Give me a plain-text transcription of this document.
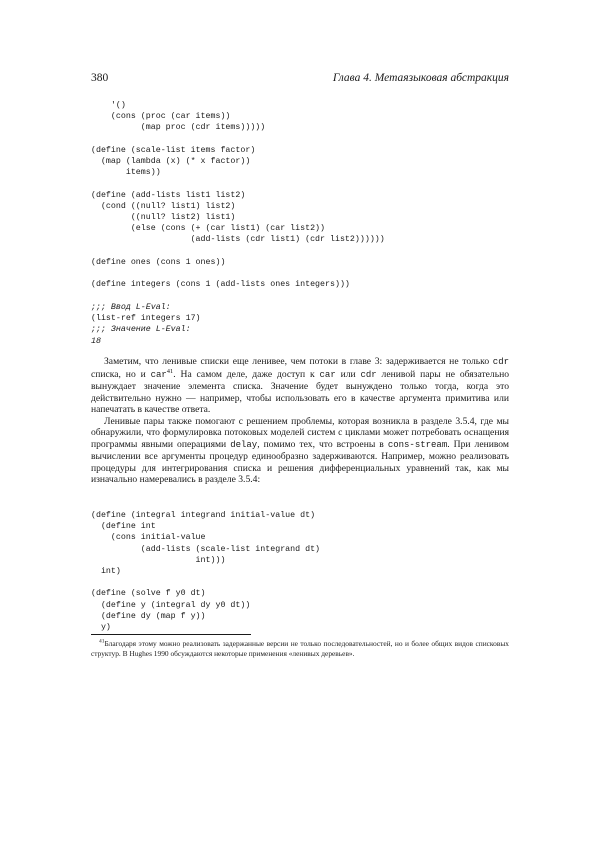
380	Глава 4. Метаязыковая абстракция
'()
(cons (proc (car items))
(map proc (cdr items)))))

(define (scale-list items factor)
(map (lambda (x) (* x factor))
items))

(define (add-lists list1 list2)
(cond ((null? list1) list2)
((null? list2) list1)
(else (cons (+ (car list1) (car list2))
(add-lists (cdr list1) (cdr list2))))))

(define ones (cons 1 ones))

(define integers (cons 1 (add-lists ones integers)))
;;; Ввод L-Eval:
(list-ref integers 17)
;;; Значение L-Eval:
18

Заметим, что ленивые списки еще ленивее, чем потоки в главе 3: задерживается не только cdr списка, но и car$^{41}$. На самом деле, даже доступ к car или cdr ленивой пары не обязательно вынуждает значение элемента списка. Значение будет вынуждено только тогда, когда это действительно нужно — например, чтобы использовать его в качестве аргумента примитива или напечатать в качестве ответа.

Ленивые пары также помогают с решением проблемы, которая возникла в разделе 3.5.4, где мы обнаружили, что формулировка потоковых моделей систем с циклами может потребовать оснащения программы явными операциями delay, помимо тех, что встроены в cons-stream. При ленивом вычислении все аргументы процедур единообразно задерживаются. Например, можно реализовать процедуры для интегрирования списка и решения дифференциальных уравнений так, как мы изначально намеревались в разделе 3.5.4:

(define (integral integrand initial-value dt)
(define int
(cons initial-value
(add-lists (scale-list integrand dt)
int)))
int)

(define (solve f y0 dt)
(define y (integral dy y0 dt))
(define dy (map f y))
y)

$^{41}$Благодаря этому можно реализовать задержанные версии не только последовательностей, но и более общих видов списковых структур. В Hughes 1990 обсуждаются некоторые применения «ленивых деревьев».
